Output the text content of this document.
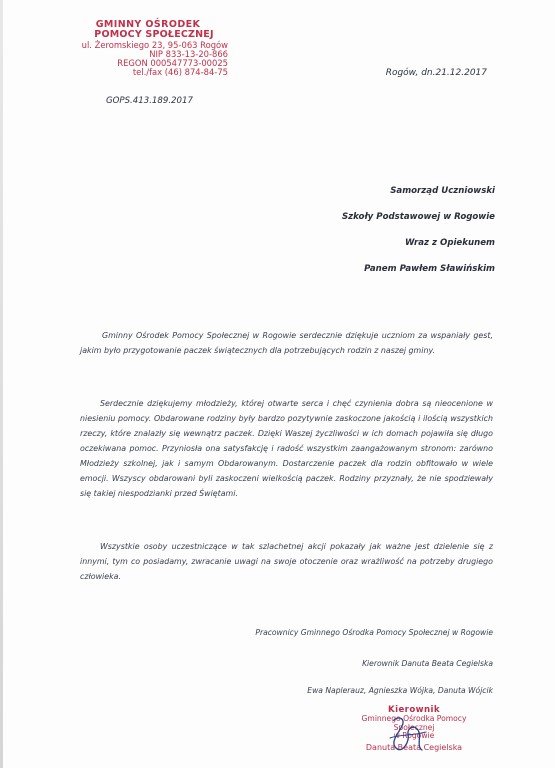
GMINNY OŚRODEK
POMOCY SPOŁECZNEJ
ul. Żeromskiego 23, 95-063 Rogów
NIP 833-13-20-866
REGON 000547773-00025
tel./fax (46) 874-84-75
GOPS.413.189.2017
Rogów, dn.21.12.2017
Samorząd Uczniowski
Szkoły Podstawowej w Rogowie
Wraz z Opiekunem
Panem Pawłem Sławińskim

Gminny Ośrodek Pomocy Społecznej w Rogowie serdecznie dziękuje uczniom za wspaniały gest, jakim było przygotowanie paczek świątecznych dla potrzebujących rodzin z naszej gminy.

Serdecznie dziękujemy młodzieży, której otwarte serca i chęć czynienia dobra są nieocenione w niesieniu pomocy. Obdarowane rodziny były bardzo pozytywnie zaskoczone jakością i ilością wszystkich rzeczy, które znalazły się wewnątrz paczek. Dzięki Waszej życzliwości w ich domach pojawiła się długo oczekiwana pomoc. Przyniosła ona satysfakcję i radość wszystkim zaangażowanym stronom: zarówno Młodzieży szkolnej, jak i samym Obdarowanym. Dostarczenie paczek dla rodzin obfitowało w wiele emocji. Wszyscy obdarowani byli zaskoczeni wielkością paczek. Rodziny przyznały, że nie spodziewały się takiej niespodzianki przed Świętami.

Wszystkie osoby uczestniczące w tak szlachetnej akcji pokazały jak ważne jest dzielenie się z innymi, tym co posiadamy, zwracanie uwagi na swoje otoczenie oraz wrażliwość na potrzeby drugiego człowieka.

Pracownicy Gminnego Ośrodka Pomocy Społecznej w Rogowie
Kierownik Danuta Beata Cegielska
Ewa Naplerauz, Agnieszka Wójka, Danuta Wójcik
Kierownik
Gminnego Ośrodka Pomocy Społecznej
w Rogowie
Danuta Beata Cegielska
